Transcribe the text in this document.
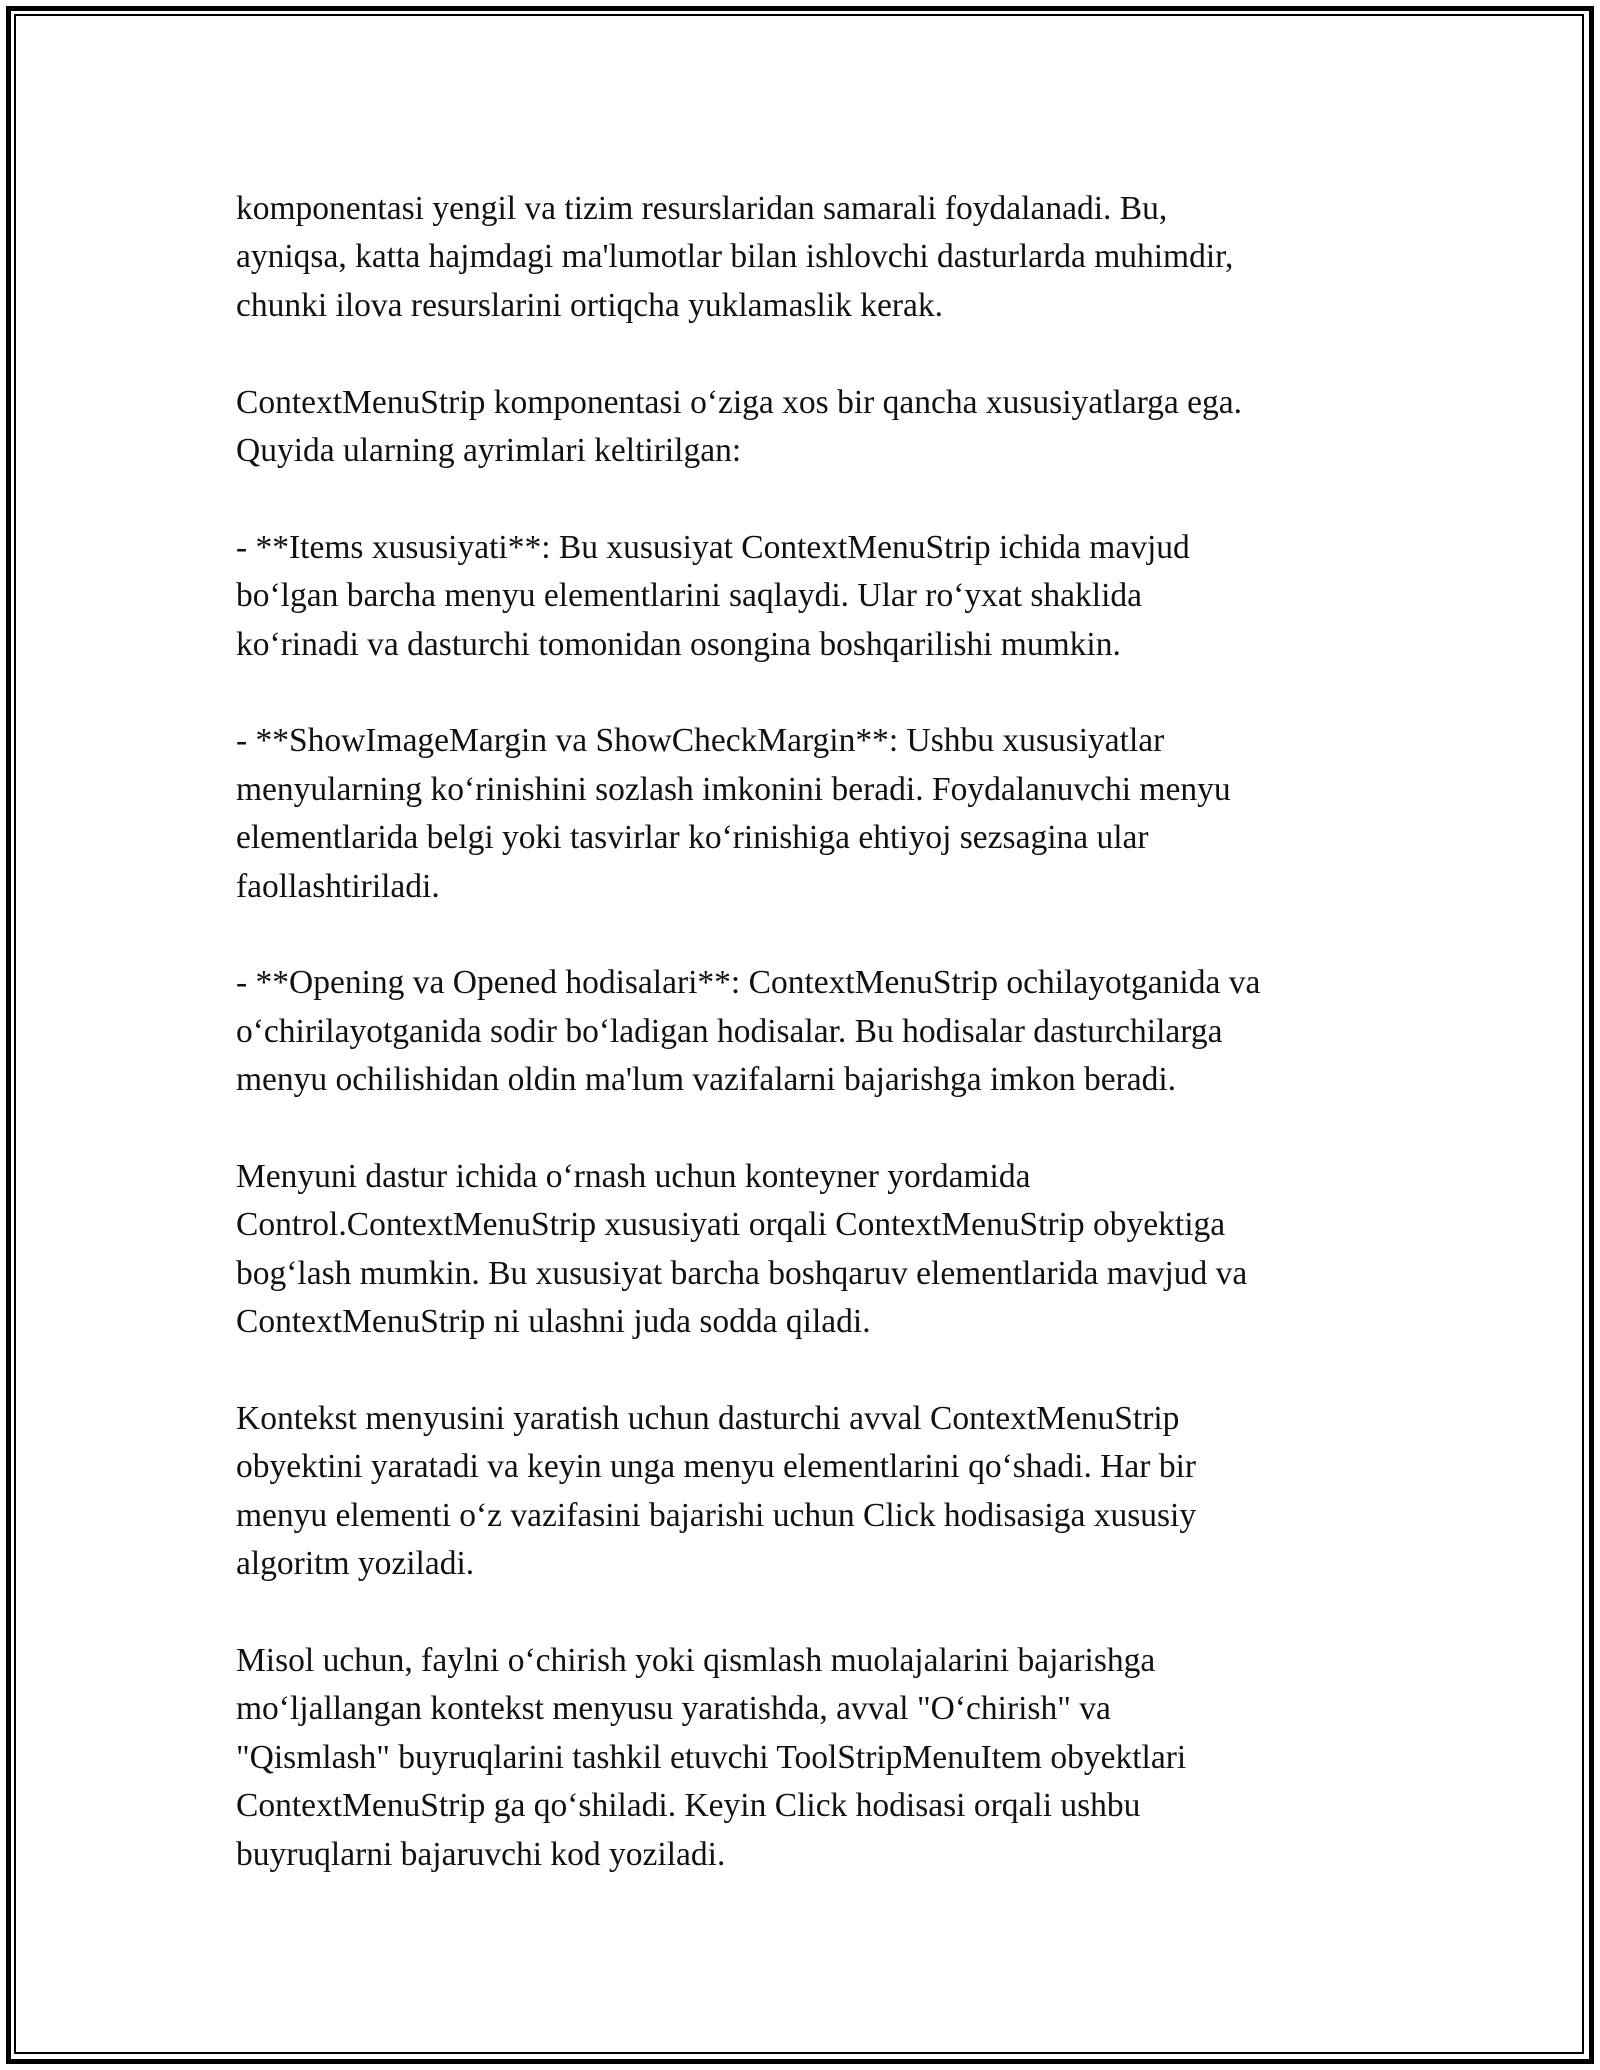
komponentasi yengil va tizim resurslaridan samarali foydalanadi. Bu,
ayniqsa, katta hajmdagi ma'lumotlar bilan ishlovchi dasturlarda muhimdir,
chunki ilova resurslarini ortiqcha yuklamaslik kerak.

ContextMenuStrip komponentasi o‘ziga xos bir qancha xususiyatlarga ega.
Quyida ularning ayrimlari keltirilgan:

- **Items xususiyati**: Bu xususiyat ContextMenuStrip ichida mavjud
bo‘lgan barcha menyu elementlarini saqlaydi. Ular ro‘yxat shaklida
ko‘rinadi va dasturchi tomonidan osongina boshqarilishi mumkin.

- **ShowImageMargin va ShowCheckMargin**: Ushbu xususiyatlar
menyularning ko‘rinishini sozlash imkonini beradi. Foydalanuvchi menyu
elementlarida belgi yoki tasvirlar ko‘rinishiga ehtiyoj sezsagina ular
faollashtiriladi.

- **Opening va Opened hodisalari**: ContextMenuStrip ochilayotganida va
o‘chirilayotganida sodir bo‘ladigan hodisalar. Bu hodisalar dasturchilarga
menyu ochilishidan oldin ma'lum vazifalarni bajarishga imkon beradi.

Menyuni dastur ichida o‘rnash uchun konteyner yordamida
Control.ContextMenuStrip xususiyati orqali ContextMenuStrip obyektiga
bog‘lash mumkin. Bu xususiyat barcha boshqaruv elementlarida mavjud va
ContextMenuStrip ni ulashni juda sodda qiladi.

Kontekst menyusini yaratish uchun dasturchi avval ContextMenuStrip
obyektini yaratadi va keyin unga menyu elementlarini qo‘shadi. Har bir
menyu elementi o‘z vazifasini bajarishi uchun Click hodisasiga xususiy
algoritm yoziladi.

Misol uchun, faylni o‘chirish yoki qismlash muolajalarini bajarishga
mo‘ljallangan kontekst menyusu yaratishda, avval "O‘chirish" va
"Qismlash" buyruqlarini tashkil etuvchi ToolStripMenuItem obyektlari
ContextMenuStrip ga qo‘shiladi. Keyin Click hodisasi orqali ushbu
buyruqlarni bajaruvchi kod yoziladi.
